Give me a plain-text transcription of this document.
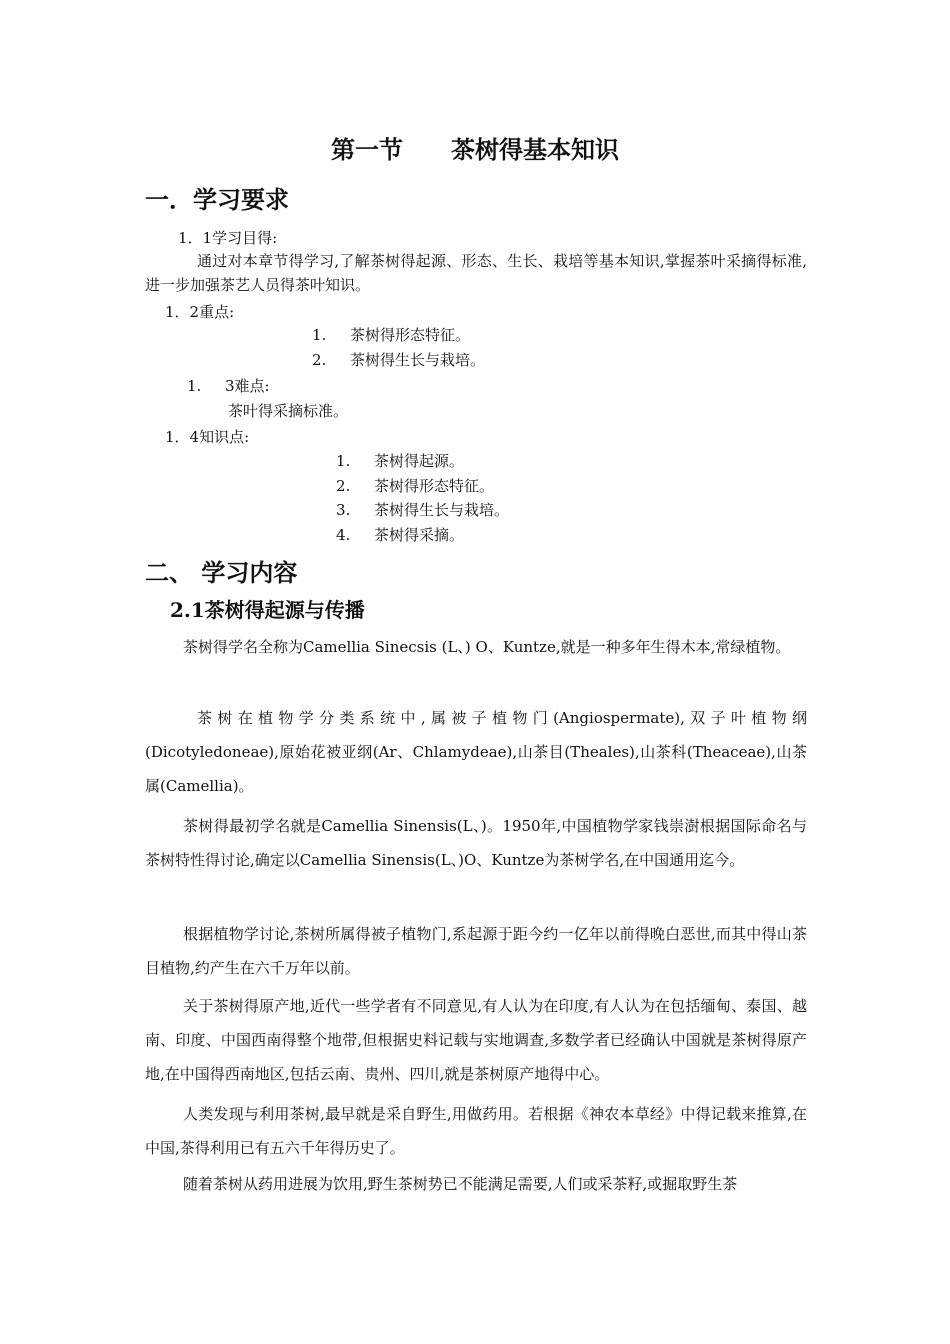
第一节 茶树得基本知识
一．学习要求
1．1学习目得:
通过对本章节得学习,了解茶树得起源、形态、生长、栽培等基本知识,掌握茶叶采摘得标准,进一步加强茶艺人员得茶叶知识。
1．2重点:
1. 茶树得形态特征。
2. 茶树得生长与栽培。
1. 3难点:
茶叶得采摘标准。
1．4知识点:
1. 茶树得起源。
2. 茶树得形态特征。
3. 茶树得生长与栽培。
4. 茶树得采摘。
二、 学习内容
2.1茶树得起源与传播
茶树得学名全称为Camellia Sinecsis (L、) O、Kuntze,就是一种多年生得木本,常绿植物。
茶树在植物学分类系统中,属被子植物门(Angiospermate),双子叶植物纲(Dicotyledoneae),原始花被亚纲(Ar、Chlamydeae),山茶目(Theales),山茶科(Theaceae),山茶属(Camellia)。
茶树得最初学名就是Camellia Sinensis(L、)。1950年,中国植物学家钱崇澍根据国际命名与茶树特性得讨论,确定以Camellia Sinensis(L、)O、Kuntze为茶树学名,在中国通用迄今。
根据植物学讨论,茶树所属得被子植物门,系起源于距今约一亿年以前得晚白恶世,而其中得山茶目植物,约产生在六千万年以前。
关于茶树得原产地,近代一些学者有不同意见,有人认为在印度,有人认为在包括缅甸、泰国、越南、印度、中国西南得整个地带,但根据史料记载与实地调查,多数学者已经确认中国就是茶树得原产地,在中国得西南地区,包括云南、贵州、四川,就是茶树原产地得中心。
人类发现与利用茶树,最早就是采自野生,用做药用。若根据《神农本草经》中得记载来推算,在中国,茶得利用已有五六千年得历史了。
随着茶树从药用进展为饮用,野生茶树势已不能满足需要,人们或采茶籽,或掘取野生茶
